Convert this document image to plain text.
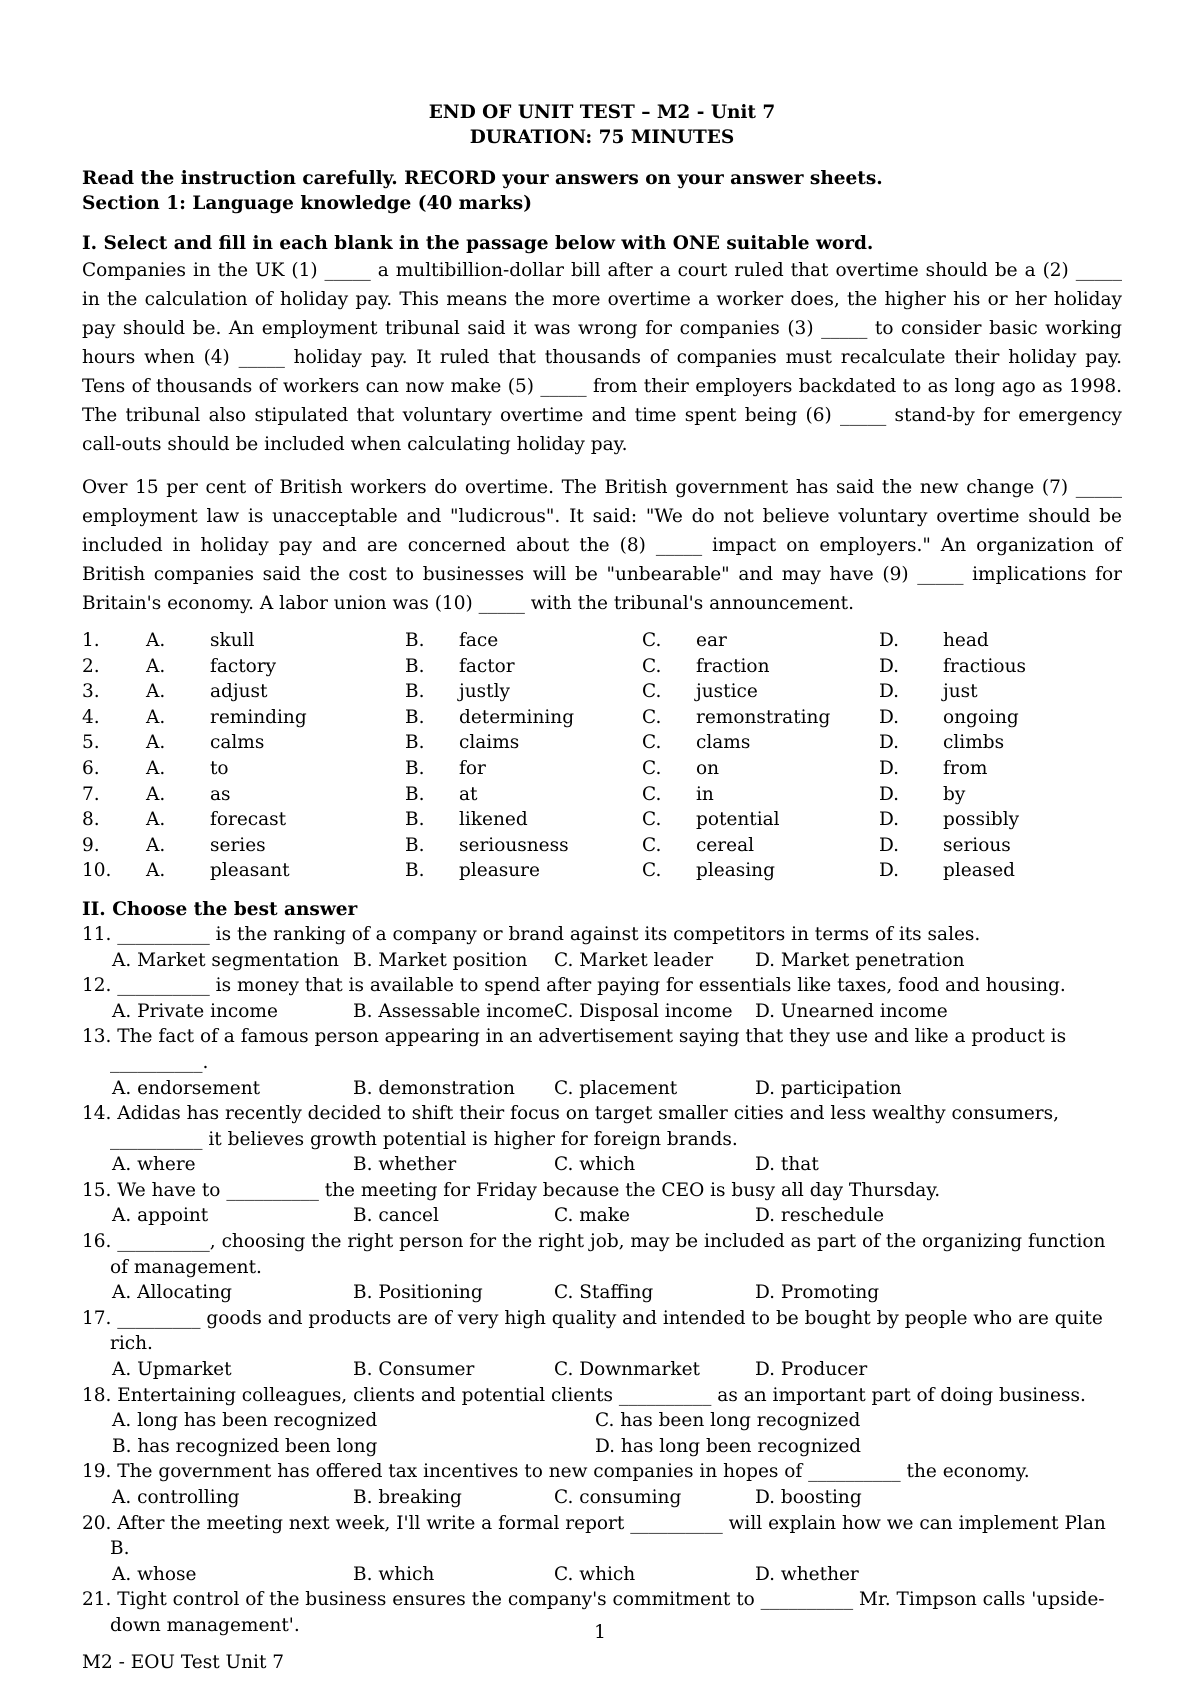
END OF UNIT TEST – M2 - Unit 7
DURATION: 75 MINUTES
Read the instruction carefully. RECORD your answers on your answer sheets.
Section 1: Language knowledge (40 marks)
I. Select and fill in each blank in the passage below with ONE suitable word.

Companies in the UK (1) _____ a multibillion-dollar bill after a court ruled that overtime should be a (2) _____ in the calculation of holiday pay. This means the more overtime a worker does, the higher his or her holiday pay should be. An employment tribunal said it was wrong for companies (3) _____ to consider basic working hours when (4) _____ holiday pay. It ruled that thousands of companies must recalculate their holiday pay. Tens of thousands of workers can now make (5) _____ from their employers backdated to as long ago as 1998. The tribunal also stipulated that voluntary overtime and time spent being (6) _____ stand-by for emergency call-outs should be included when calculating holiday pay.

Over 15 per cent of British workers do overtime. The British government has said the new change (7) _____ employment law is unacceptable and "ludicrous". It said: "We do not believe voluntary overtime should be included in holiday pay and are concerned about the (8) _____ impact on employers." An organization of British companies said the cost to businesses will be "unbearable" and may have (9) _____ implications for Britain's economy. A labor union was (10) _____ with the tribunal's announcement.

1.	A.	skull	B.	face	C.	ear	D.	head
2.	A.	factory	B.	factor	C.	fraction	D.	fractious
3.	A.	adjust	B.	justly	C.	justice	D.	just
4.	A.	reminding	B.	determining	C.	remonstrating	D.	ongoing
5.	A.	calms	B.	claims	C.	clams	D.	climbs
6.	A.	to	B.	for	C.	on	D.	from
7.	A.	as	B.	at	C.	in	D.	by
8.	A.	forecast	B.	likened	C.	potential	D.	possibly
9.	A.	series	B.	seriousness	C.	cereal	D.	serious
10.	A.	pleasant	B.	pleasure	C.	pleasing	D.	pleased
II. Choose the best answer
11. __________ is the ranking of a company or brand against its competitors in terms of its sales.
A. Market segmentation B. Market position	C. Market leader	D. Market penetration
12. __________ is money that is available to spend after paying for essentials like taxes, food and housing.
A. Private income	B. Assessable income C. Disposal income	D. Unearned income
13. The fact of a famous person appearing in an advertisement saying that they use and like a product is __________.
A. endorsement	B. demonstration	C. placement	D. participation
14. Adidas has recently decided to shift their focus on target smaller cities and less wealthy consumers, __________ it believes growth potential is higher for foreign brands.
A. where	B. whether	C. which	D. that
15. We have to __________ the meeting for Friday because the CEO is busy all day Thursday.
A. appoint	B. cancel	C. make	D. reschedule
16. __________, choosing the right person for the right job, may be included as part of the organizing function of management.
A. Allocating	B. Positioning	C. Staffing	D. Promoting
17. _________ goods and products are of very high quality and intended to be bought by people who are quite rich.
A. Upmarket	B. Consumer	C. Downmarket	D. Producer
18. Entertaining colleagues, clients and potential clients __________ as an important part of doing business.
A. long has been recognized	C. has been long recognized
B. has recognized been long	D. has long been recognized
19. The government has offered tax incentives to new companies in hopes of __________ the economy.
A. controlling	B. breaking	C. consuming	D. boosting
20. After the meeting next week, I'll write a formal report __________ will explain how we can implement Plan B.
A. whose	B. which	C. which	D. whether
21. Tight control of the business ensures the company's commitment to __________ Mr. Timpson calls 'upside-down management'.	1
M2 - EOU Test Unit 7
